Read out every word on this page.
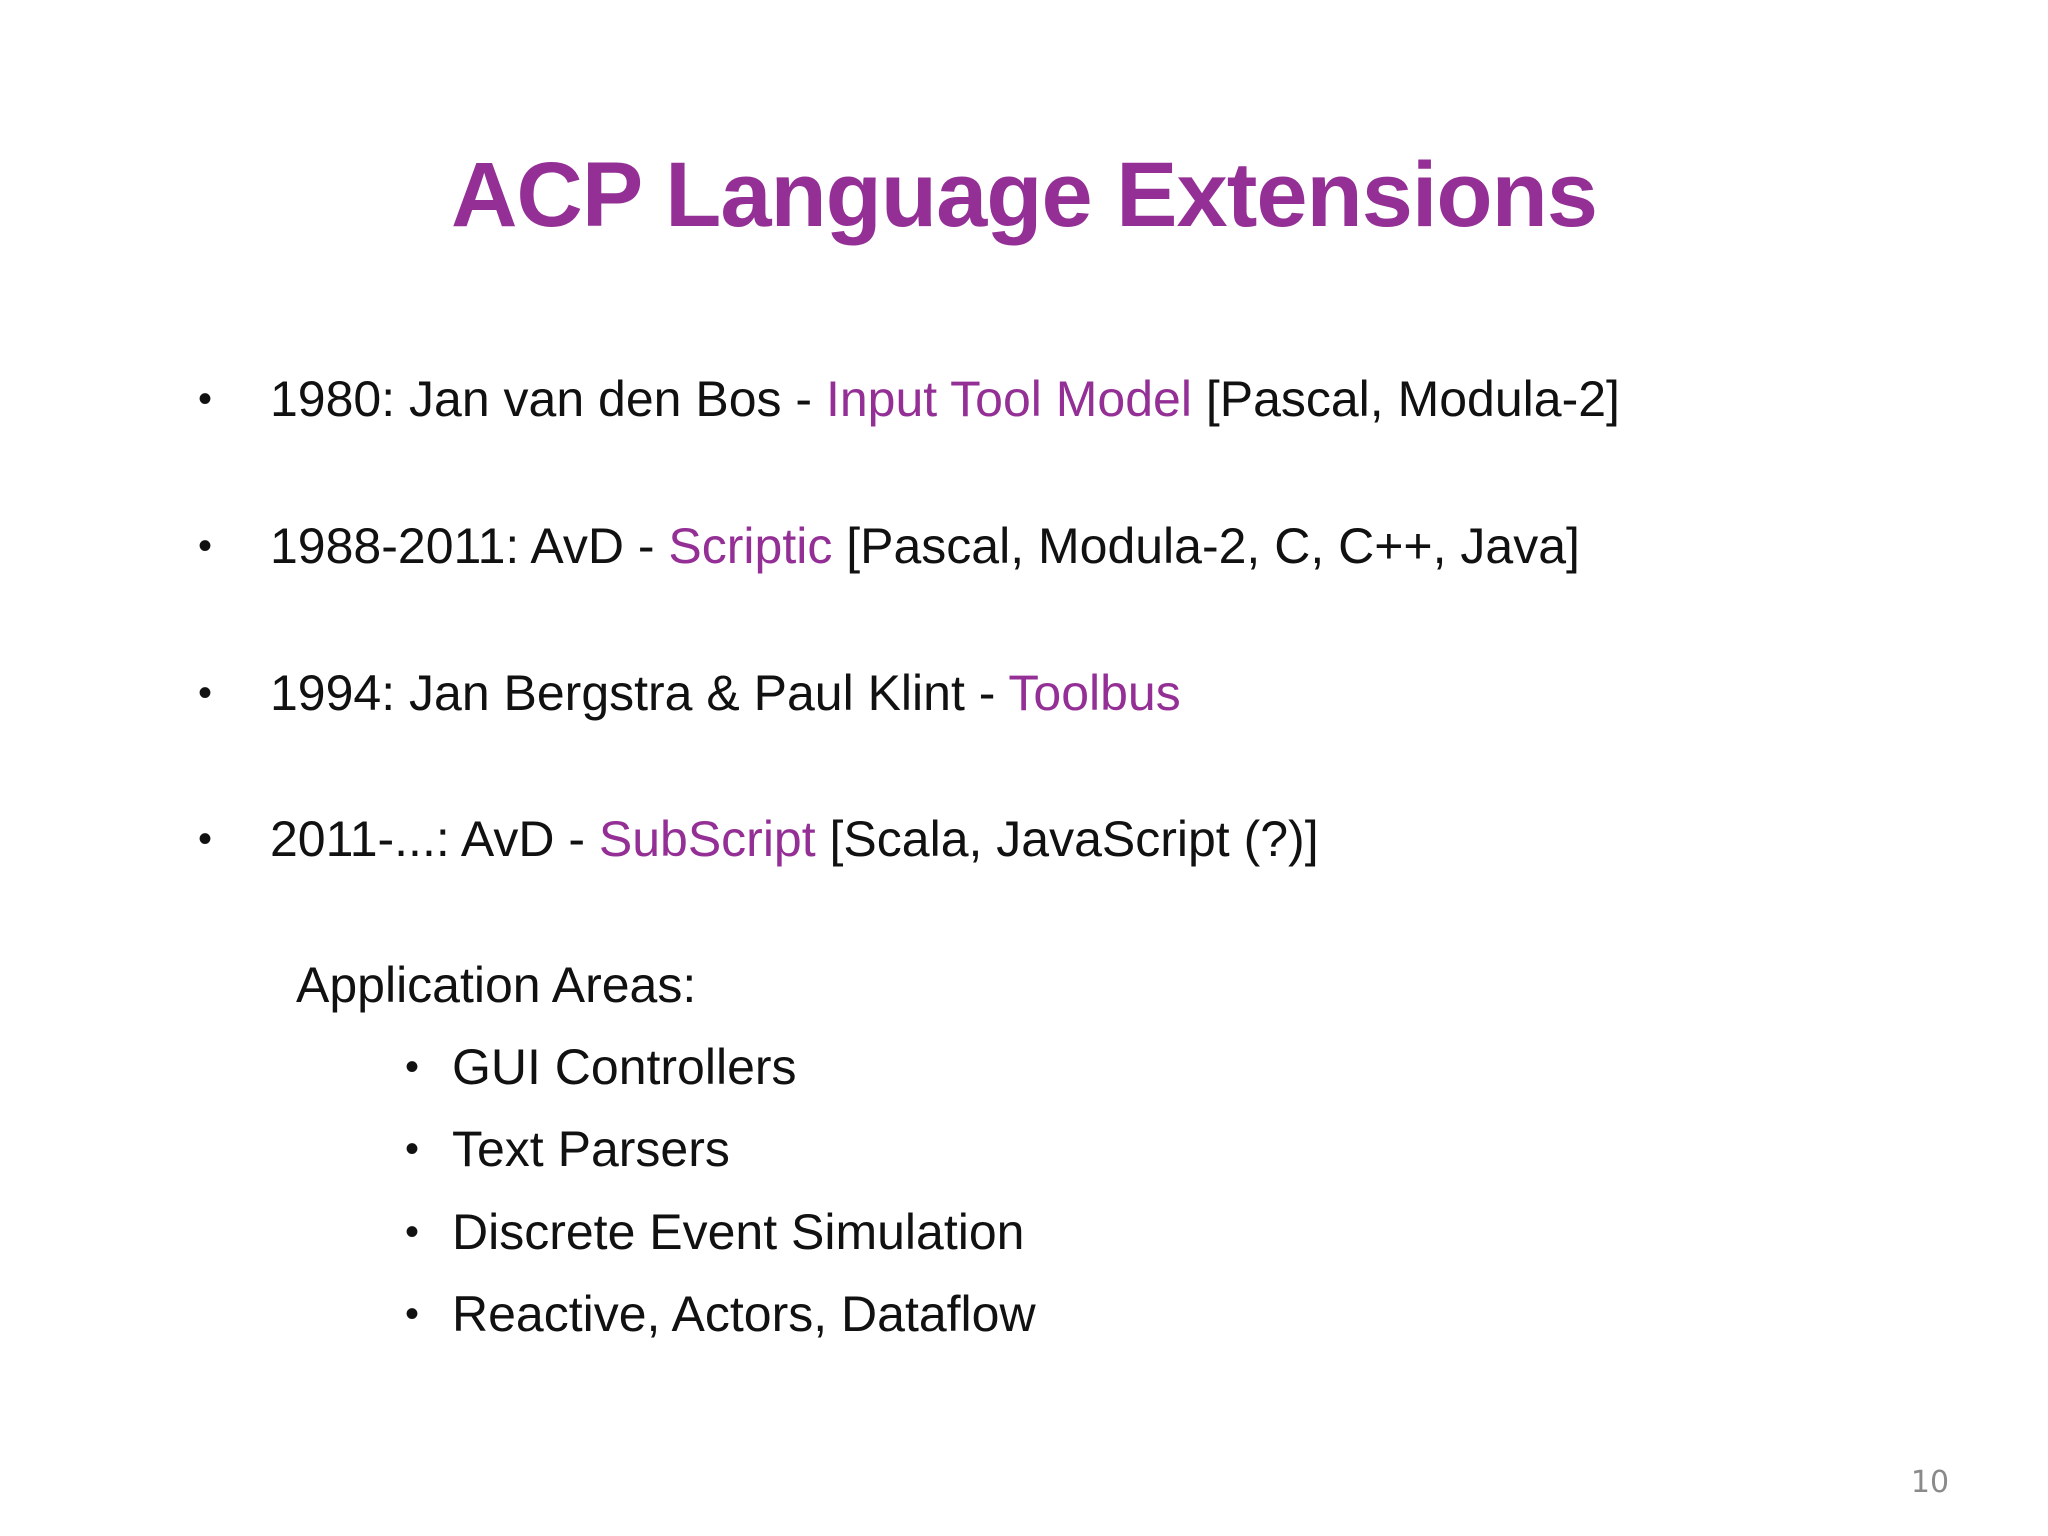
ACP Language Extensions
• 1980: Jan van den Bos - Input Tool Model [Pascal, Modula-2]
• 1988-2011: AvD - Scriptic [Pascal, Modula-2, C, C++, Java]
• 1994: Jan Bergstra & Paul Klint - Toolbus
• 2011-...: AvD - SubScript [Scala, JavaScript (?)]
Application Areas:
• GUI Controllers
• Text Parsers
• Discrete Event Simulation
• Reactive, Actors, Dataflow
10
